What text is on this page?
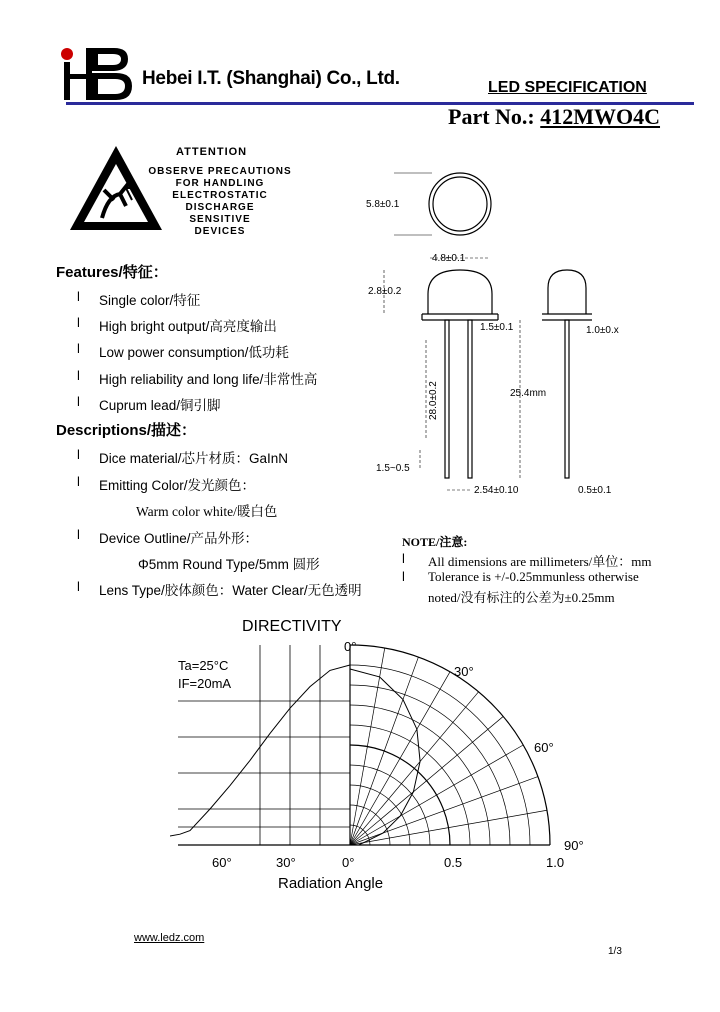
Hebei I.T. (Shanghai) Co., Ltd.	LED SPECIFICATION
Part No.: 412MWO4C
ATTENTION
OBSERVE PRECAUTIONS
FOR HANDLING
ELECTROSTATIC
DISCHARGE
SENSITIVE
DEVICES
Features/特征：
l Single color/特征
l High bright output/高亮度输出
l Low power consumption/低功耗
l High reliability and long life/非常性高
l Cuprum lead/铜引脚
Descriptions/描述：
l Dice material/芯片材质：GaInN
l Emitting Color/发光颜色：
Warm color white/暖白色
l Device Outline/产品外形：
Φ5mm Round Type/5mm 圆形
l Lens Type/胶体颜色：Water Clear/无色透明
5.8±0.1
4.8±0.1
2.8±0.2
1.5±0.1	1.0±0.x
28.0±0.2	25.4mm
1.5~0.5
2.54±0.10	0.5±0.1
NOTE/注意:
l All dimensions are millimeters/单位：mm
l Tolerance is +/-0.25mmunless otherwise
noted/没有标注的公差为±0.25mm
DIRECTIVITY
Ta=25°C
IF=20mA
0°
30°
60°
90°
60°	30°	0°	0.5	1.0
Radiation Angle
www.ledz.com
1/3
